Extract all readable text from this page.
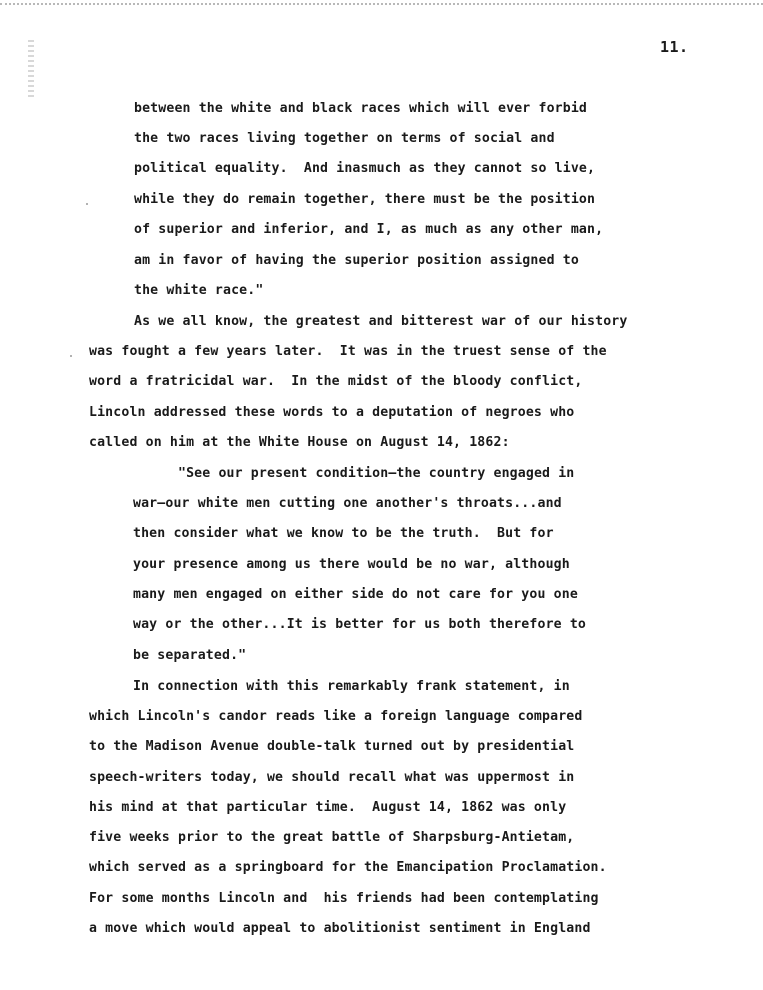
11.
between the white and black races which will ever forbid
the two races living together on terms of social and
political equality.  And inasmuch as they cannot so live,
while they do remain together, there must be the position
of superior and inferior, and I, as much as any other man,
am in favor of having the superior position assigned to
the white race."
As we all know, the greatest and bitterest war of our history
was fought a few years later.  It was in the truest sense of the
word a fratricidal war.  In the midst of the bloody conflict,
Lincoln addressed these words to a deputation of negroes who
called on him at the White House on August 14, 1862:
"See our present condition—the country engaged in
war—our white men cutting one another's throats...and
then consider what we know to be the truth.  But for
your presence among us there would be no war, although
many men engaged on either side do not care for you one
way or the other...It is better for us both therefore to
be separated."
In connection with this remarkably frank statement, in
which Lincoln's candor reads like a foreign language compared
to the Madison Avenue double-talk turned out by presidential
speech-writers today, we should recall what was uppermost in
his mind at that particular time.  August 14, 1862 was only
five weeks prior to the great battle of Sharpsburg-Antietam,
which served as a springboard for the Emancipation Proclamation.
For some months Lincoln and  his friends had been contemplating
a move which would appeal to abolitionist sentiment in England
